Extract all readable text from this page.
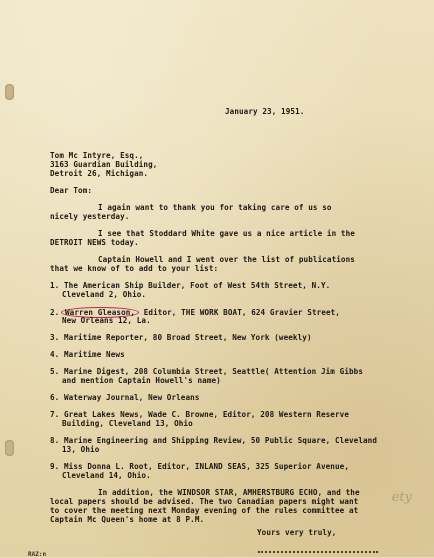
January 23, 1951.
Tom Mc Intyre, Esq.,
3163 Guardian Building,
Detroit 26, Michigan.
Dear Tom:
I again want to thank you for taking care of us so
nicely yesterday.
I see that Stoddard White gave us a nice article in the
DETROIT NEWS today.
Captain Howell and I went over the list of publications
that we know of to add to your list:
1. The American Ship Builder, Foot of West 54th Street, N.Y.
Cleveland 2, Ohio.
2. Warren Gleason, Editor, THE WORK BOAT, 624 Gravier Street,
New Orleans 12, La.
3. Maritime Reporter, 80 Broad Street, New York (weekly)
4. Maritime News
5. Marine Digest, 208 Columbia Street, Seattle( Attention Jim Gibbs
and mention Captain Howell's name)
6. Waterway Journal, New Orleans
7. Great Lakes News, Wade C. Browne, Editor, 208 Western Reserve
Building, Cleveland 13, Ohio
8. Marine Engineering and Shipping Review, 50 Public Square, Cleveland
13, Ohio
9. Miss Donna L. Root, Editor, INLAND SEAS, 325 Superior Avenue,
Cleveland 14, Ohio.
In addition, the WINDSOR STAR, AMHERSTBURG ECHO, and the
local papers should be advised. The two Canadian papers might want
to cover the meeting next Monday evening of the rules committee at
Captain Mc Queen's home at 8 P.M.
ety
Yours very truly,
RAZ:n
